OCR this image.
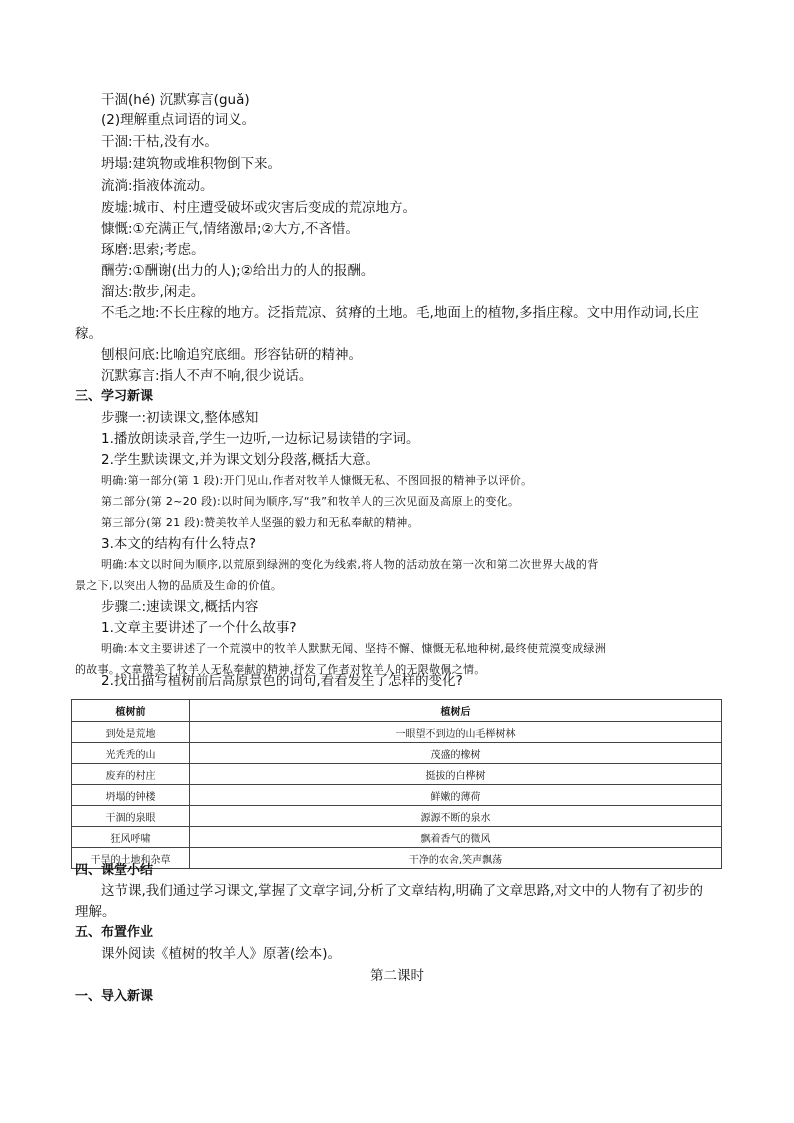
干涸(hé) 沉默寡言(guǎ)
(2)理解重点词语的词义。
干涸:干枯,没有水。
坍塌:建筑物或堆积物倒下来。
流淌:指液体流动。
废墟:城市、村庄遭受破坏或灾害后变成的荒凉地方。
慷慨:①充满正气,情绪激昂;②大方,不吝惜。
琢磨:思索;考虑。
酬劳:①酬谢(出力的人);②给出力的人的报酬。
溜达:散步,闲走。
不毛之地:不长庄稼的地方。泛指荒凉、贫瘠的土地。毛,地面上的植物,多指庄稼。文中用作动词,长庄
稼。
刨根问底:比喻追究底细。形容钻研的精神。
沉默寡言:指人不声不响,很少说话。
三、学习新课
步骤一:初读课文,整体感知
1.播放朗读录音,学生一边听,一边标记易读错的字词。
2.学生默读课文,并为课文划分段落,概括大意。
明确:第一部分(第 1 段):开门见山,作者对牧羊人慷慨无私、不图回报的精神予以评价。
第二部分(第 2~20 段):以时间为顺序,写“我”和牧羊人的三次见面及高原上的变化。
第三部分(第 21 段):赞美牧羊人坚强的毅力和无私奉献的精神。
3.本文的结构有什么特点?
明确:本文以时间为顺序,以荒原到绿洲的变化为线索,将人物的活动放在第一次和第二次世界大战的背
景之下,以突出人物的品质及生命的价值。
步骤二:速读课文,概括内容
1.文章主要讲述了一个什么故事?
明确:本文主要讲述了一个荒漠中的牧羊人默默无闻、坚持不懈、慷慨无私地种树,最终使荒漠变成绿洲
的故事。文章赞美了牧羊人无私奉献的精神,抒发了作者对牧羊人的无限敬佩之情。
2.找出描写植树前后高原景色的词句,看看发生了怎样的变化?
植树前	植树后
到处是荒地	一眼望不到边的山毛榉树林
光秃秃的山	茂盛的橡树
废弃的村庄	挺拔的白桦树
坍塌的钟楼	鲜嫩的薄荷
干涸的泉眼	源源不断的泉水
狂风呼啸	飘着香气的微风
干旱的土地和杂草	干净的农舍,笑声飘荡
四、课堂小结
这节课,我们通过学习课文,掌握了文章字词,分析了文章结构,明确了文章思路,对文中的人物有了初步的
理解。
五、布置作业
课外阅读《植树的牧羊人》原著(绘本)。
第二课时
一、导入新课
